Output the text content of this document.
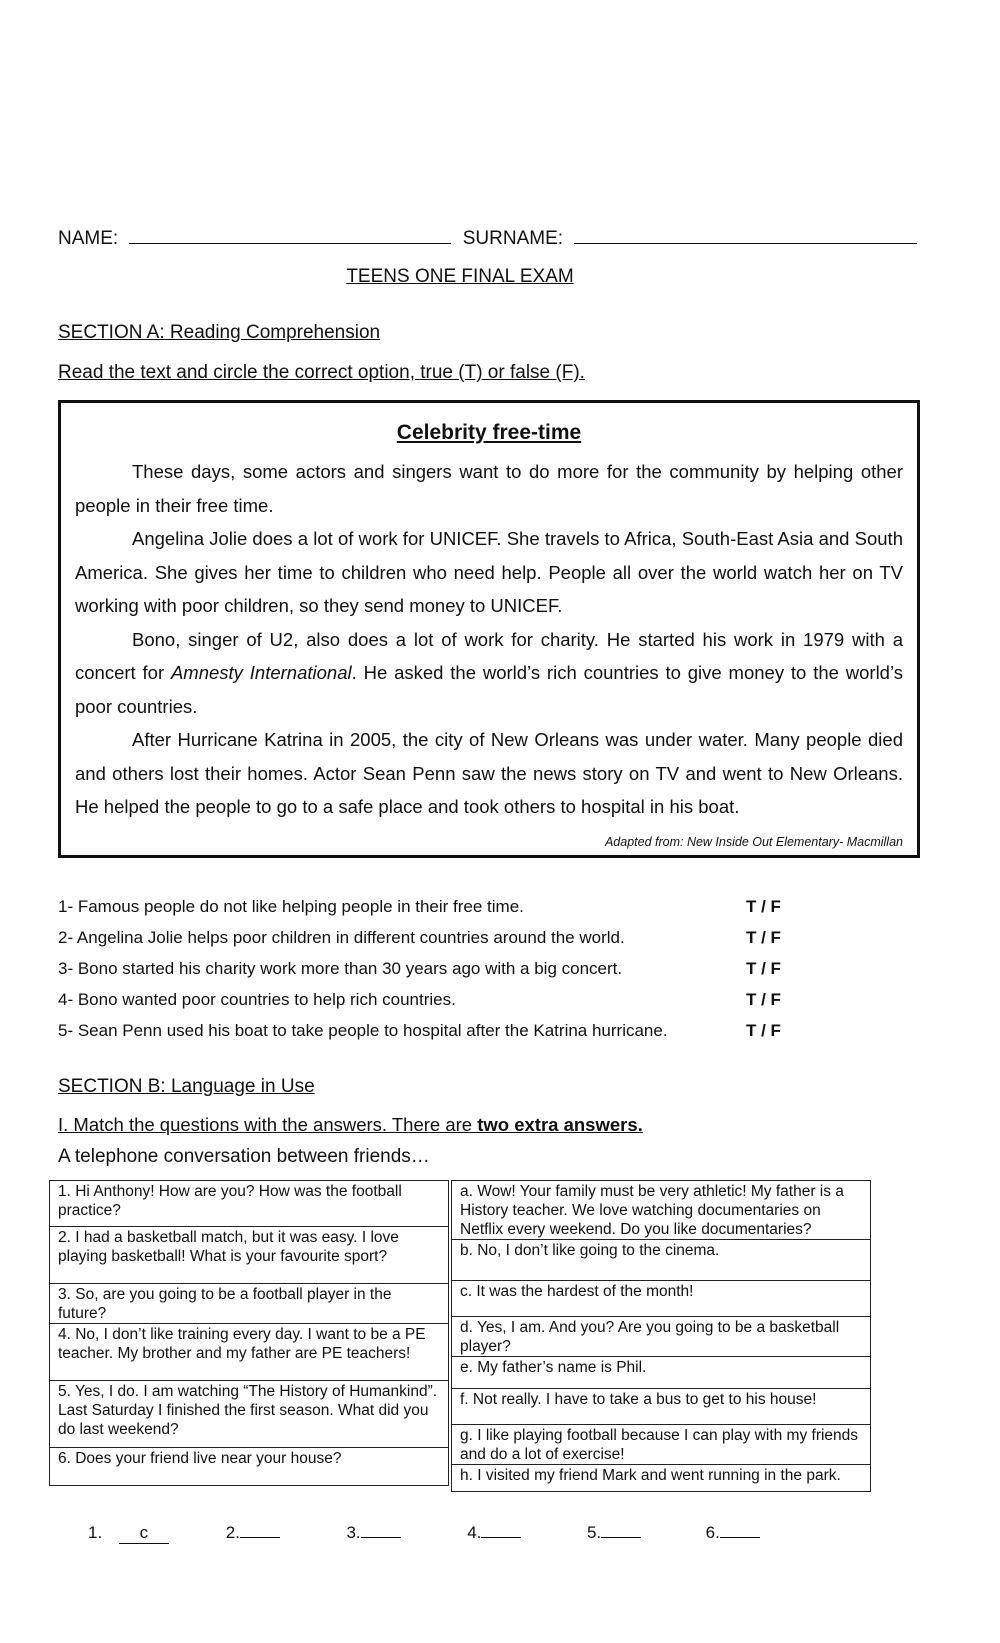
NAME:	SURNAME:
TEENS ONE FINAL EXAM
SECTION A: Reading Comprehension
Read the text and circle the correct option, true (T) or false (F).
Celebrity free-time

These days, some actors and singers want to do more for the community by helping other people in their free time.

Angelina Jolie does a lot of work for UNICEF. She travels to Africa, South-East Asia and South America. She gives her time to children who need help. People all over the world watch her on TV working with poor children, so they send money to UNICEF.

Bono, singer of U2, also does a lot of work for charity. He started his work in 1979 with a concert for Amnesty International. He asked the world’s rich countries to give money to the world’s poor countries.

After Hurricane Katrina in 2005, the city of New Orleans was under water. Many people died and others lost their homes. Actor Sean Penn saw the news story on TV and went to New Orleans. He helped the people to go to a safe place and took others to hospital in his boat.

Adapted from: New Inside Out Elementary- Macmillan
1- Famous people do not like helping people in their free time.	T / F
2- Angelina Jolie helps poor children in different countries around the world.	T / F
3- Bono started his charity work more than 30 years ago with a big concert.	T / F
4- Bono wanted poor countries to help rich countries.	T / F
5- Sean Penn used his boat to take people to hospital after the Katrina hurricane.	T / F
SECTION B: Language in Use
I. Match the questions with the answers. There are two extra answers.
A telephone conversation between friends…
1. Hi Anthony! How are you? How was the football practice?
2. I had a basketball match, but it was easy. I love playing basketball! What is your favourite sport?
3. So, are you going to be a football player in the future?
4. No, I don’t like training every day. I want to be a PE teacher. My brother and my father are PE teachers!
5. Yes, I do. I am watching “The History of Humankind”. Last Saturday I finished the first season. What did you do last weekend?
6. Does your friend live near your house?
a. Wow! Your family must be very athletic! My father is a History teacher. We love watching documentaries on Netflix every weekend. Do you like documentaries?
b. No, I don’t like going to the cinema.
c. It was the hardest of the month!
d. Yes, I am. And you? Are you going to be a basketball player?
e. My father’s name is Phil.
f. Not really. I have to take a bus to get to his house!
g. I like playing football because I can play with my friends and do a lot of exercise!
h. I visited my friend Mark and went running in the park.
1. c	2.	3.	4.	5.	6.
